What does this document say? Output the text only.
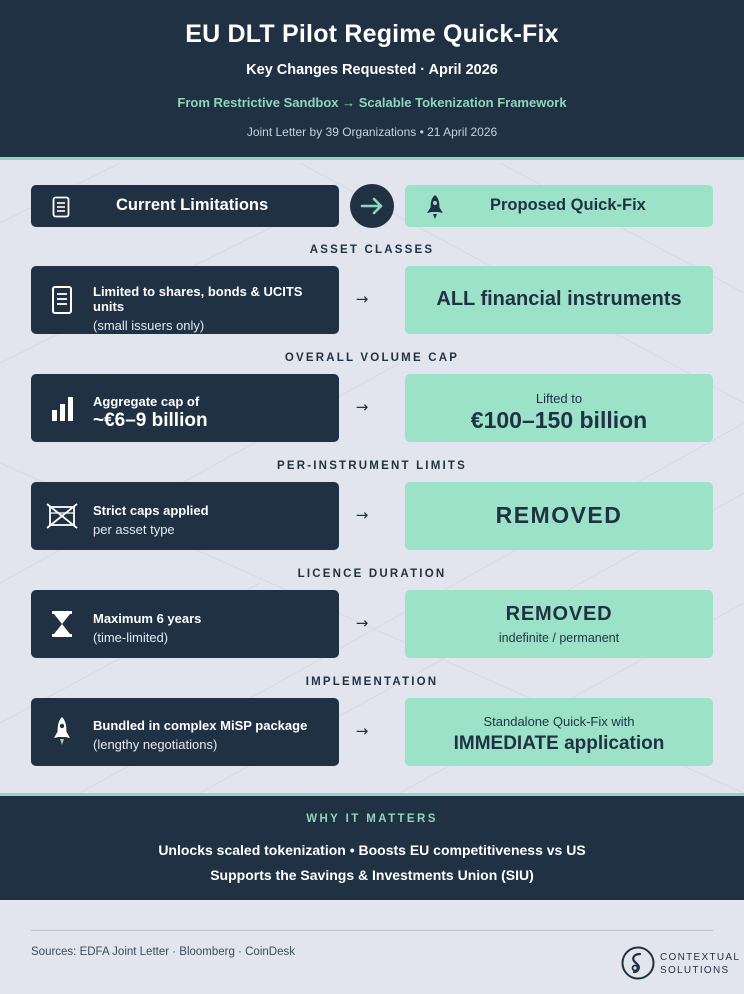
EU DLT Pilot Regime Quick-Fix
Key Changes Requested · April 2026
From Restrictive Sandbox → Scalable Tokenization Framework
Joint Letter by 39 Organizations • 21 April 2026
Current Limitations	Proposed Quick-Fix
ASSET CLASSES
Limited to shares, bonds & UCITS units
(small issuers only)
→	ALL financial instruments
OVERALL VOLUME CAP
Aggregate cap of
~€6–9 billion
→	Lifted to
€100–150 billion
PER-INSTRUMENT LIMITS
Strict caps applied
per asset type
→	REMOVED
LICENCE DURATION
Maximum 6 years
(time-limited)
→	REMOVED
indefinite / permanent
IMPLEMENTATION
Bundled in complex MiSP package
(lengthy negotiations)
→
Standalone Quick-Fix with
IMMEDIATE application
WHY IT MATTERS
Unlocks scaled tokenization • Boosts EU competitiveness vs US
Supports the Savings & Investments Union (SIU)
Sources: EDFA Joint Letter · Bloomberg · CoinDesk	CONTEXTUAL
SOLUTIONS
